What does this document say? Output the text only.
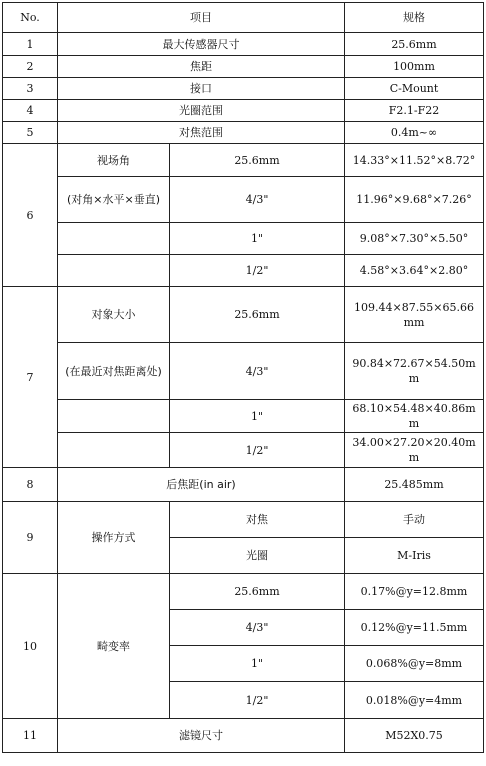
No.	项目		规格
1	最大传感器尺寸		25.6mm
2	焦距		100mm
3	接口		C-Mount
4	光圈范围		F2.1-F22
5	对焦范围		0.4m~∞
6	视场角	25.6mm	14.33°×11.52°×8.72°
	(对角×水平×垂直)	4/3"	11.96°×9.68°×7.26°
		1"	9.08°×7.30°×5.50°
		1/2"	4.58°×3.64°×2.80°
7	对象大小	25.6mm	109.44×87.55×65.66mm
	(在最近对焦距离处)	4/3"	90.84×72.67×54.50mm
		1"	68.10×54.48×40.86mm
		1/2"	34.00×27.20×20.40mm
8	后焦距(in air)		25.485mm
9	操作方式	对焦	手动
		光圈	M-Iris
10	畸变率	25.6mm	0.17%@y=12.8mm
		4/3"	0.12%@y=11.5mm
		1"	0.068%@y=8mm
		1/2"	0.018%@y=4mm
11	滤镜尺寸		M52X0.75
